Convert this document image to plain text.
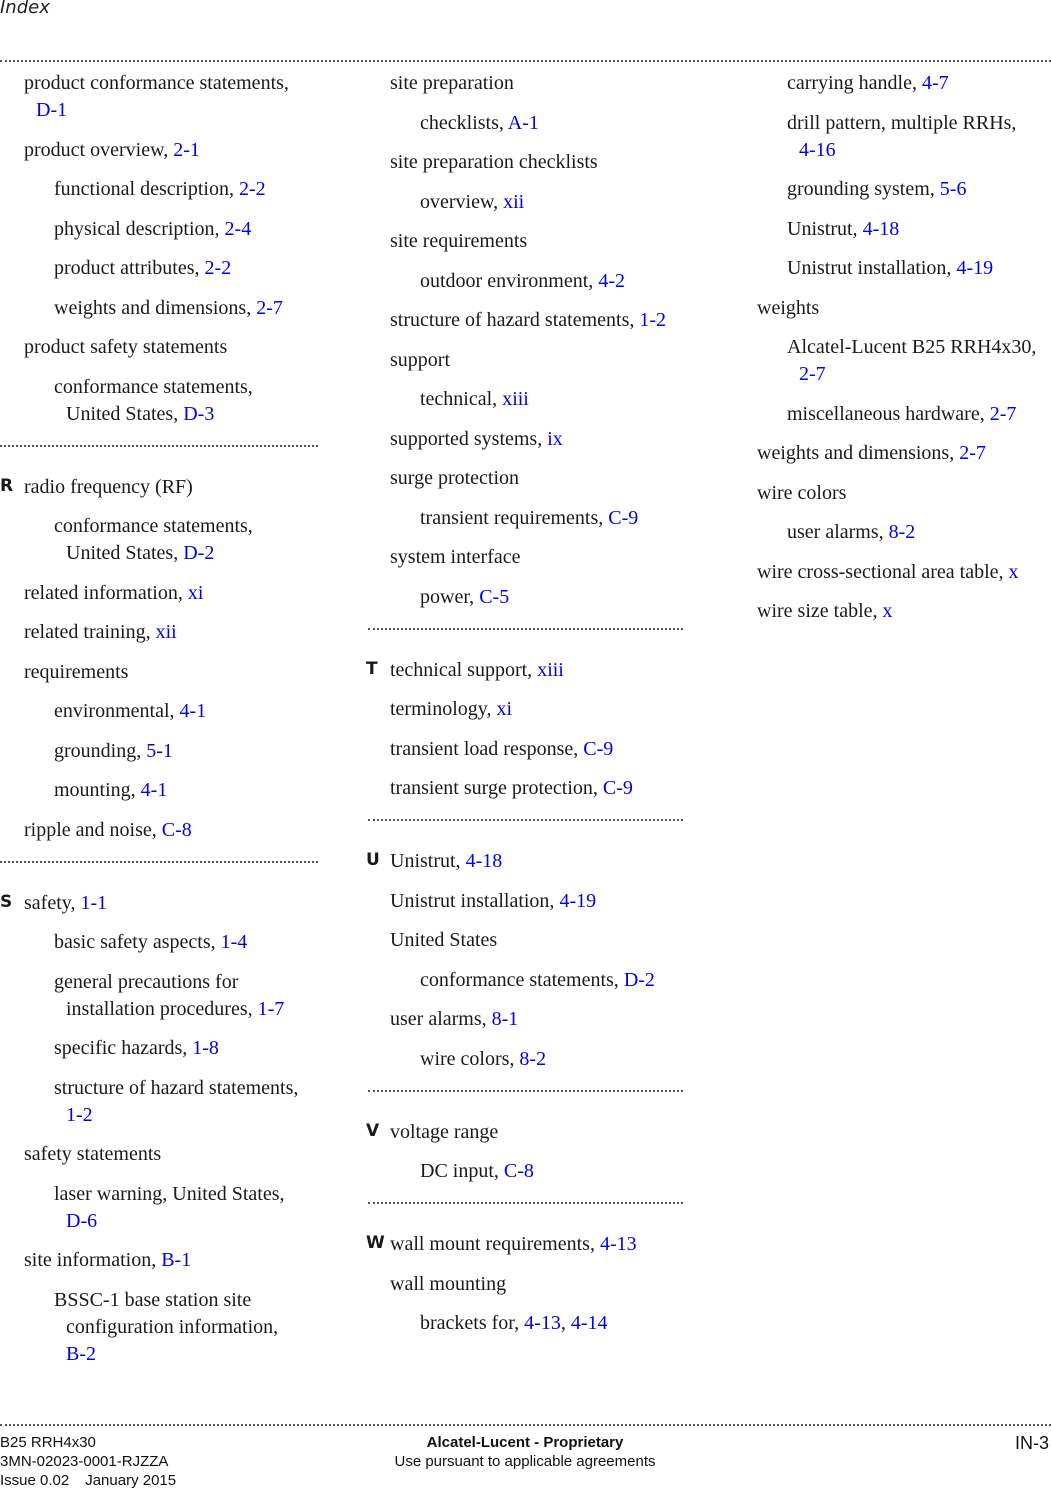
Index
product conformance statements,
D-1
product overview, 2-1
functional description, 2-2
physical description, 2-4
product attributes, 2-2
weights and dimensions, 2-7
product safety statements
conformance statements,
United States, D-3
R radio frequency (RF)
conformance statements,
United States, D-2
related information, xi
related training, xii
requirements
environmental, 4-1
grounding, 5-1
mounting, 4-1
ripple and noise, C-8
S safety, 1-1
basic safety aspects, 1-4
general precautions for
installation procedures, 1-7
specific hazards, 1-8
structure of hazard statements,
1-2
safety statements
laser warning, United States,
D-6
site information, B-1
BSSC-1 base station site
configuration information,
B-2
site preparation
checklists, A-1
site preparation checklists
overview, xii
site requirements
outdoor environment, 4-2
structure of hazard statements, 1-2
support
technical, xiii
supported systems, ix
surge protection
transient requirements, C-9
system interface
power, C-5
T technical support, xiii
terminology, xi
transient load response, C-9
transient surge protection, C-9
U Unistrut, 4-18
Unistrut installation, 4-19
United States
conformance statements, D-2
user alarms, 8-1
wire colors, 8-2
V voltage range
DC input, C-8
W wall mount requirements, 4-13
wall mounting
brackets for, 4-13, 4-14
carrying handle, 4-7
drill pattern, multiple RRHs,
4-16
grounding system, 5-6
Unistrut, 4-18
Unistrut installation, 4-19
weights
Alcatel-Lucent B25 RRH4x30,
2-7
miscellaneous hardware, 2-7
weights and dimensions, 2-7
wire colors
user alarms, 8-2
wire cross-sectional area table, x
wire size table, x
B25 RRH4x30
3MN-02023-0001-RJZZA
Issue 0.02 January 2015
Alcatel-Lucent - Proprietary
Use pursuant to applicable agreements
IN-3
